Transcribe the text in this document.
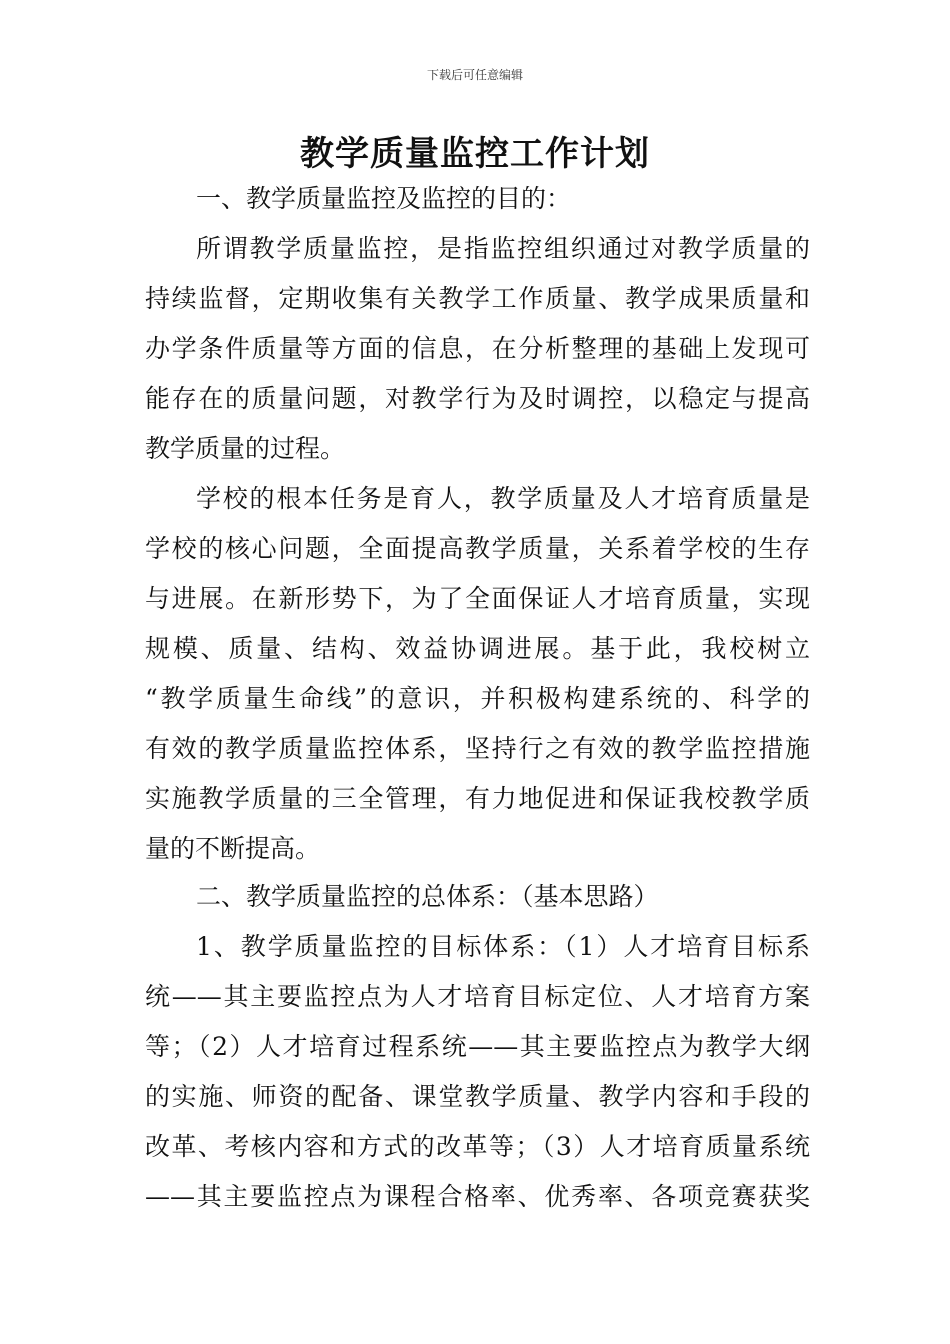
下载后可任意编辑
教学质量监控工作计划
一、教学质量监控及监控的目的：
所谓教学质量监控，是指监控组织通过对教学质量的
持续监督，定期收集有关教学工作质量、教学成果质量和
办学条件质量等方面的信息，在分析整理的基础上发现可
能存在的质量问题，对教学行为及时调控，以稳定与提高
教学质量的过程。
学校的根本任务是育人，教学质量及人才培育质量是
学校的核心问题，全面提高教学质量，关系着学校的生存
与进展。在新形势下，为了全面保证人才培育质量，实现
规模、质量、结构、效益协调进展。基于此，我校树立
“教学质量生命线”的意识，并积极构建系统的、科学的
有效的教学质量监控体系，坚持行之有效的教学监控措施
实施教学质量的三全管理，有力地促进和保证我校教学质
量的不断提高。
二、教学质量监控的总体系：（基本思路）
1、教学质量监控的目标体系：（1）人才培育目标系
统——其主要监控点为人才培育目标定位、人才培育方案
等；（2）人才培育过程系统——其主要监控点为教学大纲
的实施、师资的配备、课堂教学质量、教学内容和手段的
改革、考核内容和方式的改革等；（3）人才培育质量系统
——其主要监控点为课程合格率、优秀率、各项竞赛获奖
